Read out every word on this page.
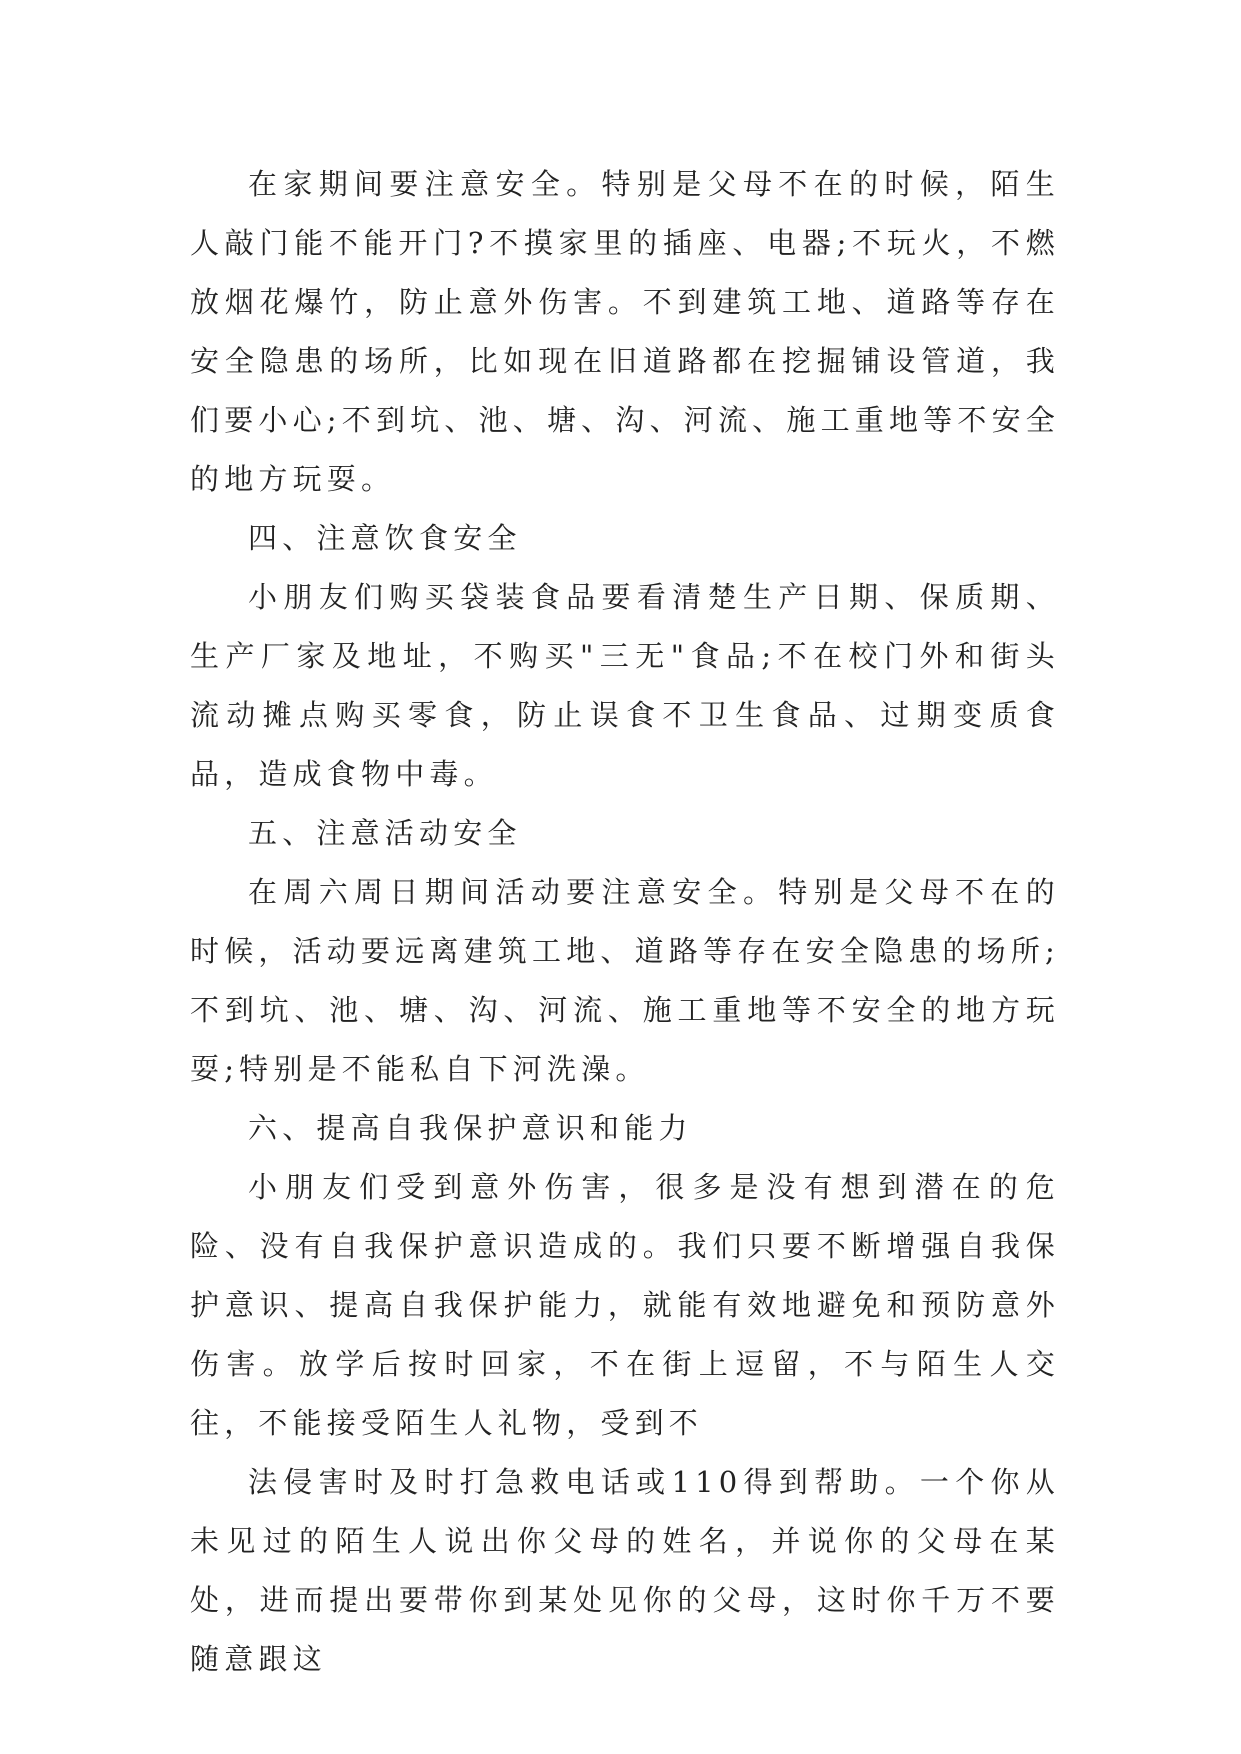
在家期间要注意安全。特别是父母不在的时候，陌生人敲门能不能开门?不摸家里的插座、电器;不玩火，不燃放烟花爆竹，防止意外伤害。不到建筑工地、道路等存在安全隐患的场所，比如现在旧道路都在挖掘铺设管道，我们要小心;不到坑、池、塘、沟、河流、施工重地等不安全的地方玩耍。

四、注意饮食安全

小朋友们购买袋装食品要看清楚生产日期、保质期、生产厂家及地址，不购买"三无"食品;不在校门外和街头流动摊点购买零食，防止误食不卫生食品、过期变质食品，造成食物中毒。

五、注意活动安全

在周六周日期间活动要注意安全。特别是父母不在的时候，活动要远离建筑工地、道路等存在安全隐患的场所;不到坑、池、塘、沟、河流、施工重地等不安全的地方玩耍;特别是不能私自下河洗澡。

六、提高自我保护意识和能力

小朋友们受到意外伤害，很多是没有想到潜在的危险、没有自我保护意识造成的。我们只要不断增强自我保护意识、提高自我保护能力，就能有效地避免和预防意外伤害。放学后按时回家，不在街上逗留，不与陌生人交往，不能接受陌生人礼物，受到不

法侵害时及时打急救电话或110得到帮助。一个你从未见过的陌生人说出你父母的姓名，并说你的父母在某处，进而提出要带你到某处见你的父母，这时你千万不要随意跟这
